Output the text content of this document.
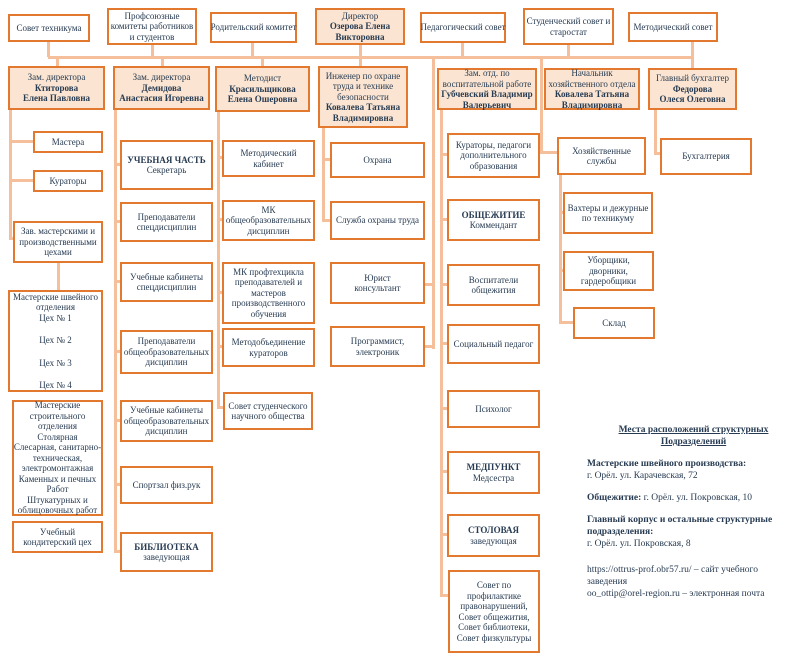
Места расположений структурных
Подразделений

Мастерские швейного производства:
г. Орёл. ул. Карачевская, 72

Общежитие: г. Орёл. ул. Покровская, 10

Главный корпус и остальные структурные подразделения:
г. Орёл. ул. Покровская, 8

https://ottrus-prof.obr57.ru/ – сайт учебного заведения
oo_ottip@orel-region.ru – электронная почта

Совет техникума
Профсоюзные
комитеты работников
и студентов
Родительский комитет
Директор
Озерова Елена
Викторовна
Педагогический совет
Студенческий совет и
старостат	Методический совет
Зам. директора
Ктиторова
Елена Павловна
Зам. директора
Демидова
Анастасия Игоревна
Методист
Красильщикова
Елена Ошеровна
Инженер по охране
труда и технике
безопасности
Ковалева Татьяна
Владимировна
Зам. отд. по
воспитательной работе
Губчевский Владимир
Валерьевич
Начальник
хозяйственного отдела
Ковалева Татьяна
Владимировна
Главный бухгалтер
Федорова
Олеся Олеговна
Мастера
Кураторы
Зав. мастерскими и
производственными
цехами
Мастерские швейного
отделения
Цех № 1
Цех № 2
Цех № 3
Цех № 4
Мастерские
строительного
отделения
Столярная
Слесарная, санитарно-
техническая,
электромонтажная
Каменных и печных
Работ
Штукатурных и
облицовочных работ
Учебный
кондитерский цех
УЧЕБНАЯ ЧАСТЬ
Секретарь
Преподаватели
спецдисциплин
Учебные кабинеты
спецдисциплин
Преподаватели
общеобразовательных
дисциплин
Учебные кабинеты
общеобразовательных
дисциплин
Спортзал физ.рук
БИБЛИОТЕКА
заведующая
Методический
кабинет
МК
общеобразовательных
дисциплин
МК профтехцикла
преподавателей и
мастеров
производственного
обучения
Методобъединение
кураторов
Совет студенческого
научного общества
Охрана
Служба охраны труда
Юрист
консультант
Программист,
электроник
Кураторы, педагоги
дополнительного
образования
ОБЩЕЖИТИЕ
Коммендант
Воспитатели
общежития
Социальный педагог
Психолог
МЕДПУНКТ
Медсестра
СТОЛОВАЯ
заведующая
Совет по
профилактике
правонарушений,
Совет общежития,
Совет библиотеки,
Совет физкультуры
Хозяйственные
службы
Вахтеры и дежурные
по техникуму
Уборщики,
дворники,
гардеробщики
Склад
Бухгалтерия
